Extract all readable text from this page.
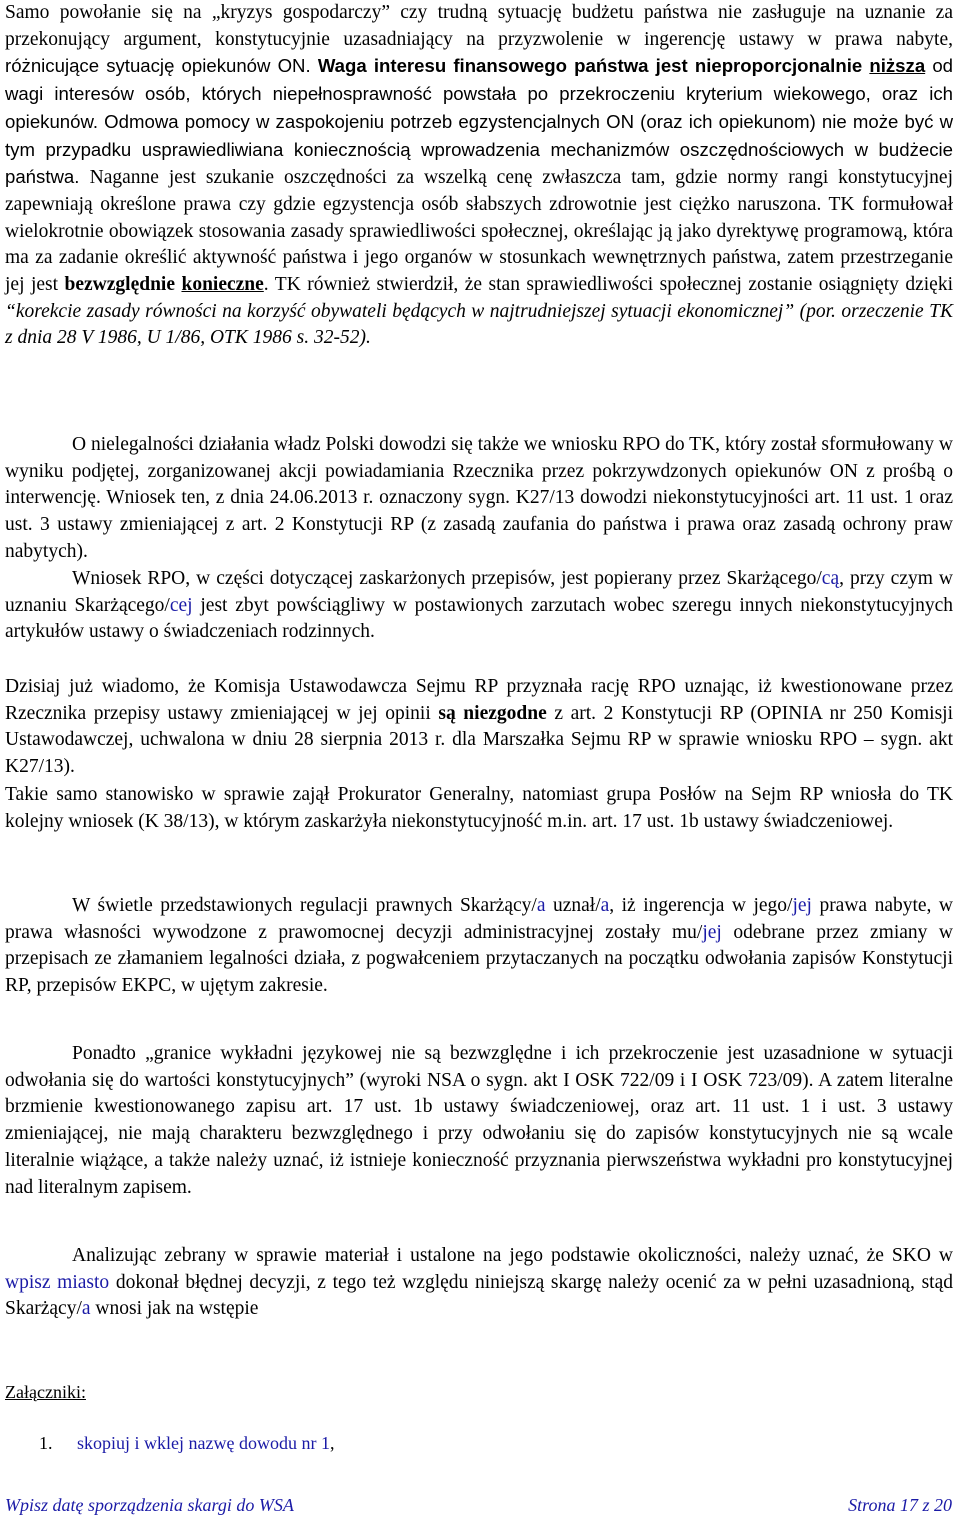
Samo powołanie się na „kryzys gospodarczy” czy trudną sytuację budżetu państwa nie zasługuje na uznanie za przekonujący argument, konstytucyjnie uzasadniający na przyzwolenie w ingerencję ustawy w prawa nabyte, różnicujące sytuację opiekunów ON. Waga interesu finansowego państwa jest nieproporcjonalnie niższa od wagi interesów osób, których niepełnosprawność powstała po przekroczeniu kryterium wiekowego, oraz ich opiekunów. Odmowa pomocy w zaspokojeniu potrzeb egzystencjalnych ON (oraz ich opiekunom) nie może być w tym przypadku usprawiedliwiana koniecznością wprowadzenia mechanizmów oszczędnościowych w budżecie państwa. Naganne jest szukanie oszczędności za wszelką cenę zwłaszcza tam, gdzie normy rangi konstytucyjnej zapewniają określone prawa czy gdzie egzystencja osób słabszych zdrowotnie jest ciężko naruszona. TK formułował wielokrotnie obowiązek stosowania zasady sprawiedliwości społecznej, określając ją jako dyrektywę programową, która ma za zadanie określić aktywność państwa i jego organów w stosunkach wewnętrznych państwa, zatem przestrzeganie jej jest bezwzględnie konieczne. TK również stwierdził, że stan sprawiedliwości społecznej zostanie osiągnięty dzięki “korekcie zasady równości na korzyść obywateli będących w najtrudniejszej sytuacji ekonomicznej” (por. orzeczenie TK z dnia 28 V 1986, U 1/86, OTK 1986 s. 32-52).

O nielegalności działania władz Polski dowodzi się także we wniosku RPO do TK, który został sformułowany w wyniku podjętej, zorganizowanej akcji powiadamiania Rzecznika przez pokrzywdzonych opiekunów ON z prośbą o interwencję. Wniosek ten, z dnia 24.06.2013 r. oznaczony sygn. K27/13 dowodzi niekonstytucyjności art. 11 ust. 1 oraz ust. 3 ustawy zmieniającej z art. 2 Konstytucji RP (z zasadą zaufania do państwa i prawa oraz zasadą ochrony praw nabytych).

Wniosek RPO, w części dotyczącej zaskarżonych przepisów, jest popierany przez Skarżącego/cą, przy czym w uznaniu Skarżącego/cej jest zbyt powściągliwy w postawionych zarzutach wobec szeregu innych niekonstytucyjnych artykułów ustawy o świadczeniach rodzinnych.

Dzisiaj już wiadomo, że Komisja Ustawodawcza Sejmu RP przyznała rację RPO uznając, iż kwestionowane przez Rzecznika przepisy ustawy zmieniającej w jej opinii są niezgodne z art. 2 Konstytucji RP (OPINIA nr 250 Komisji Ustawodawczej, uchwalona w dniu 28 sierpnia 2013 r. dla Marszałka Sejmu RP w sprawie wniosku RPO – sygn. akt K27/13).

Takie samo stanowisko w sprawie zajął Prokurator Generalny, natomiast grupa Posłów na Sejm RP wniosła do TK kolejny wniosek (K 38/13), w którym zaskarżyła niekonstytucyjność m.in. art. 17 ust. 1b ustawy świadczeniowej.

W świetle przedstawionych regulacji prawnych Skarżący/a uznał/a, iż ingerencja w jego/jej prawa nabyte, w prawa własności wywodzone z prawomocnej decyzji administracyjnej zostały mu/jej odebrane przez zmiany w przepisach ze złamaniem legalności działa, z pogwałceniem przytaczanych na początku odwołania zapisów Konstytucji RP, przepisów EKPC, w ujętym zakresie.

Ponadto „granice wykładni językowej nie są bezwzględne i ich przekroczenie jest uzasadnione w sytuacji odwołania się do wartości konstytucyjnych” (wyroki NSA o sygn. akt I OSK 722/09 i I OSK 723/09). A zatem literalne brzmienie kwestionowanego zapisu art. 17 ust. 1b ustawy świadczeniowej, oraz art. 11 ust. 1 i ust. 3 ustawy zmieniającej, nie mają charakteru bezwzględnego i przy odwołaniu się do zapisów konstytucyjnych nie są wcale literalnie wiążące, a także należy uznać, iż istnieje konieczność przyznania pierwszeństwa wykładni pro konstytucyjnej nad literalnym zapisem.

Analizując zebrany w sprawie materiał i ustalone na jego podstawie okoliczności, należy uznać, że SKO w wpisz miasto dokonał błędnej decyzji, z tego też względu niniejszą skargę należy ocenić za w pełni uzasadnioną, stąd Skarżący/a wnosi jak na wstępie

Załączniki:
1. skopiuj i wklej nazwę dowodu nr 1,
Wpisz datę sporządzenia skargi do WSA	Strona 17 z 20
